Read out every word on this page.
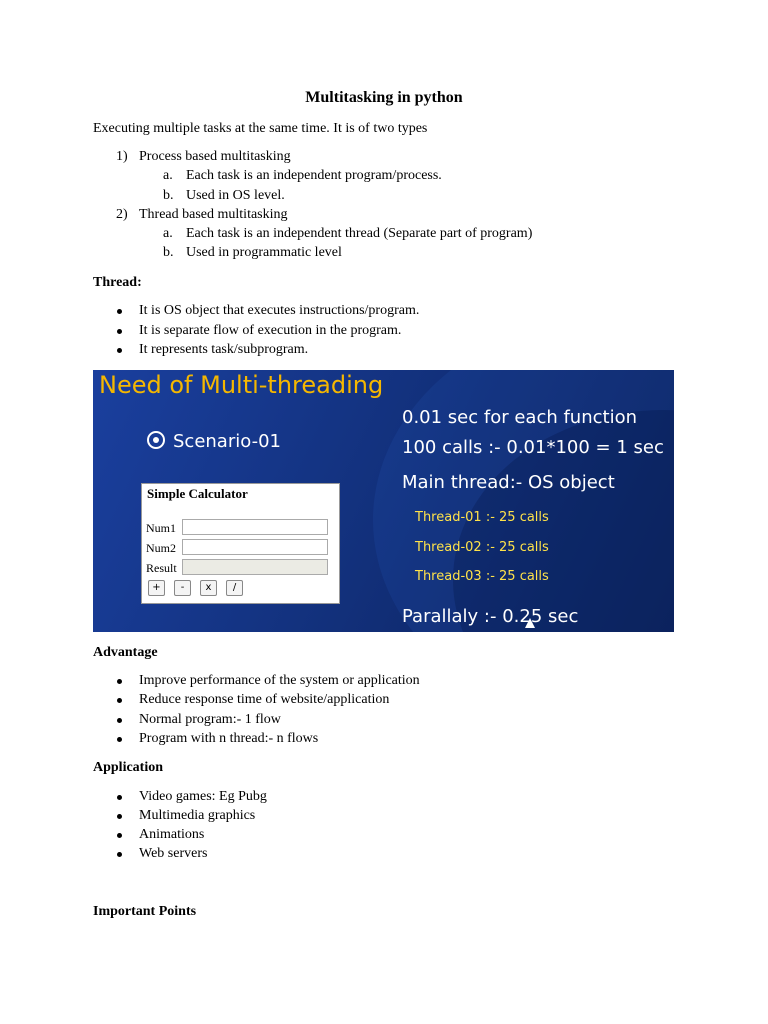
Multitasking in python
Executing multiple tasks at the same time. It is of two types
1) Process based multitasking
a. Each task is an independent program/process.
b. Used in OS level.
2) Thread based multitasking
a. Each task is an independent thread (Separate part of program)
b. Used in programmatic level
Thread:
It is OS object that executes instructions/program.
It is separate flow of execution in the program.
It represents task/subprogram.
Need of Multi-threading
Scenario-01
Simple Calculator
Num1
Num2
Result
+	-	x	/
0.01 sec for each function
100 calls :- 0.01*100 = 1 sec
Main thread:- OS object
Thread-01 :- 25 calls
Thread-02 :- 25 calls
Thread-03 :- 25 calls
Parallaly :- 0.25 sec
Advantage
Improve performance of the system or application
Reduce response time of website/application
Normal program:- 1 flow
Program with n thread:- n flows
Application
Video games: Eg Pubg
Multimedia graphics
Animations
Web servers
Important Points
